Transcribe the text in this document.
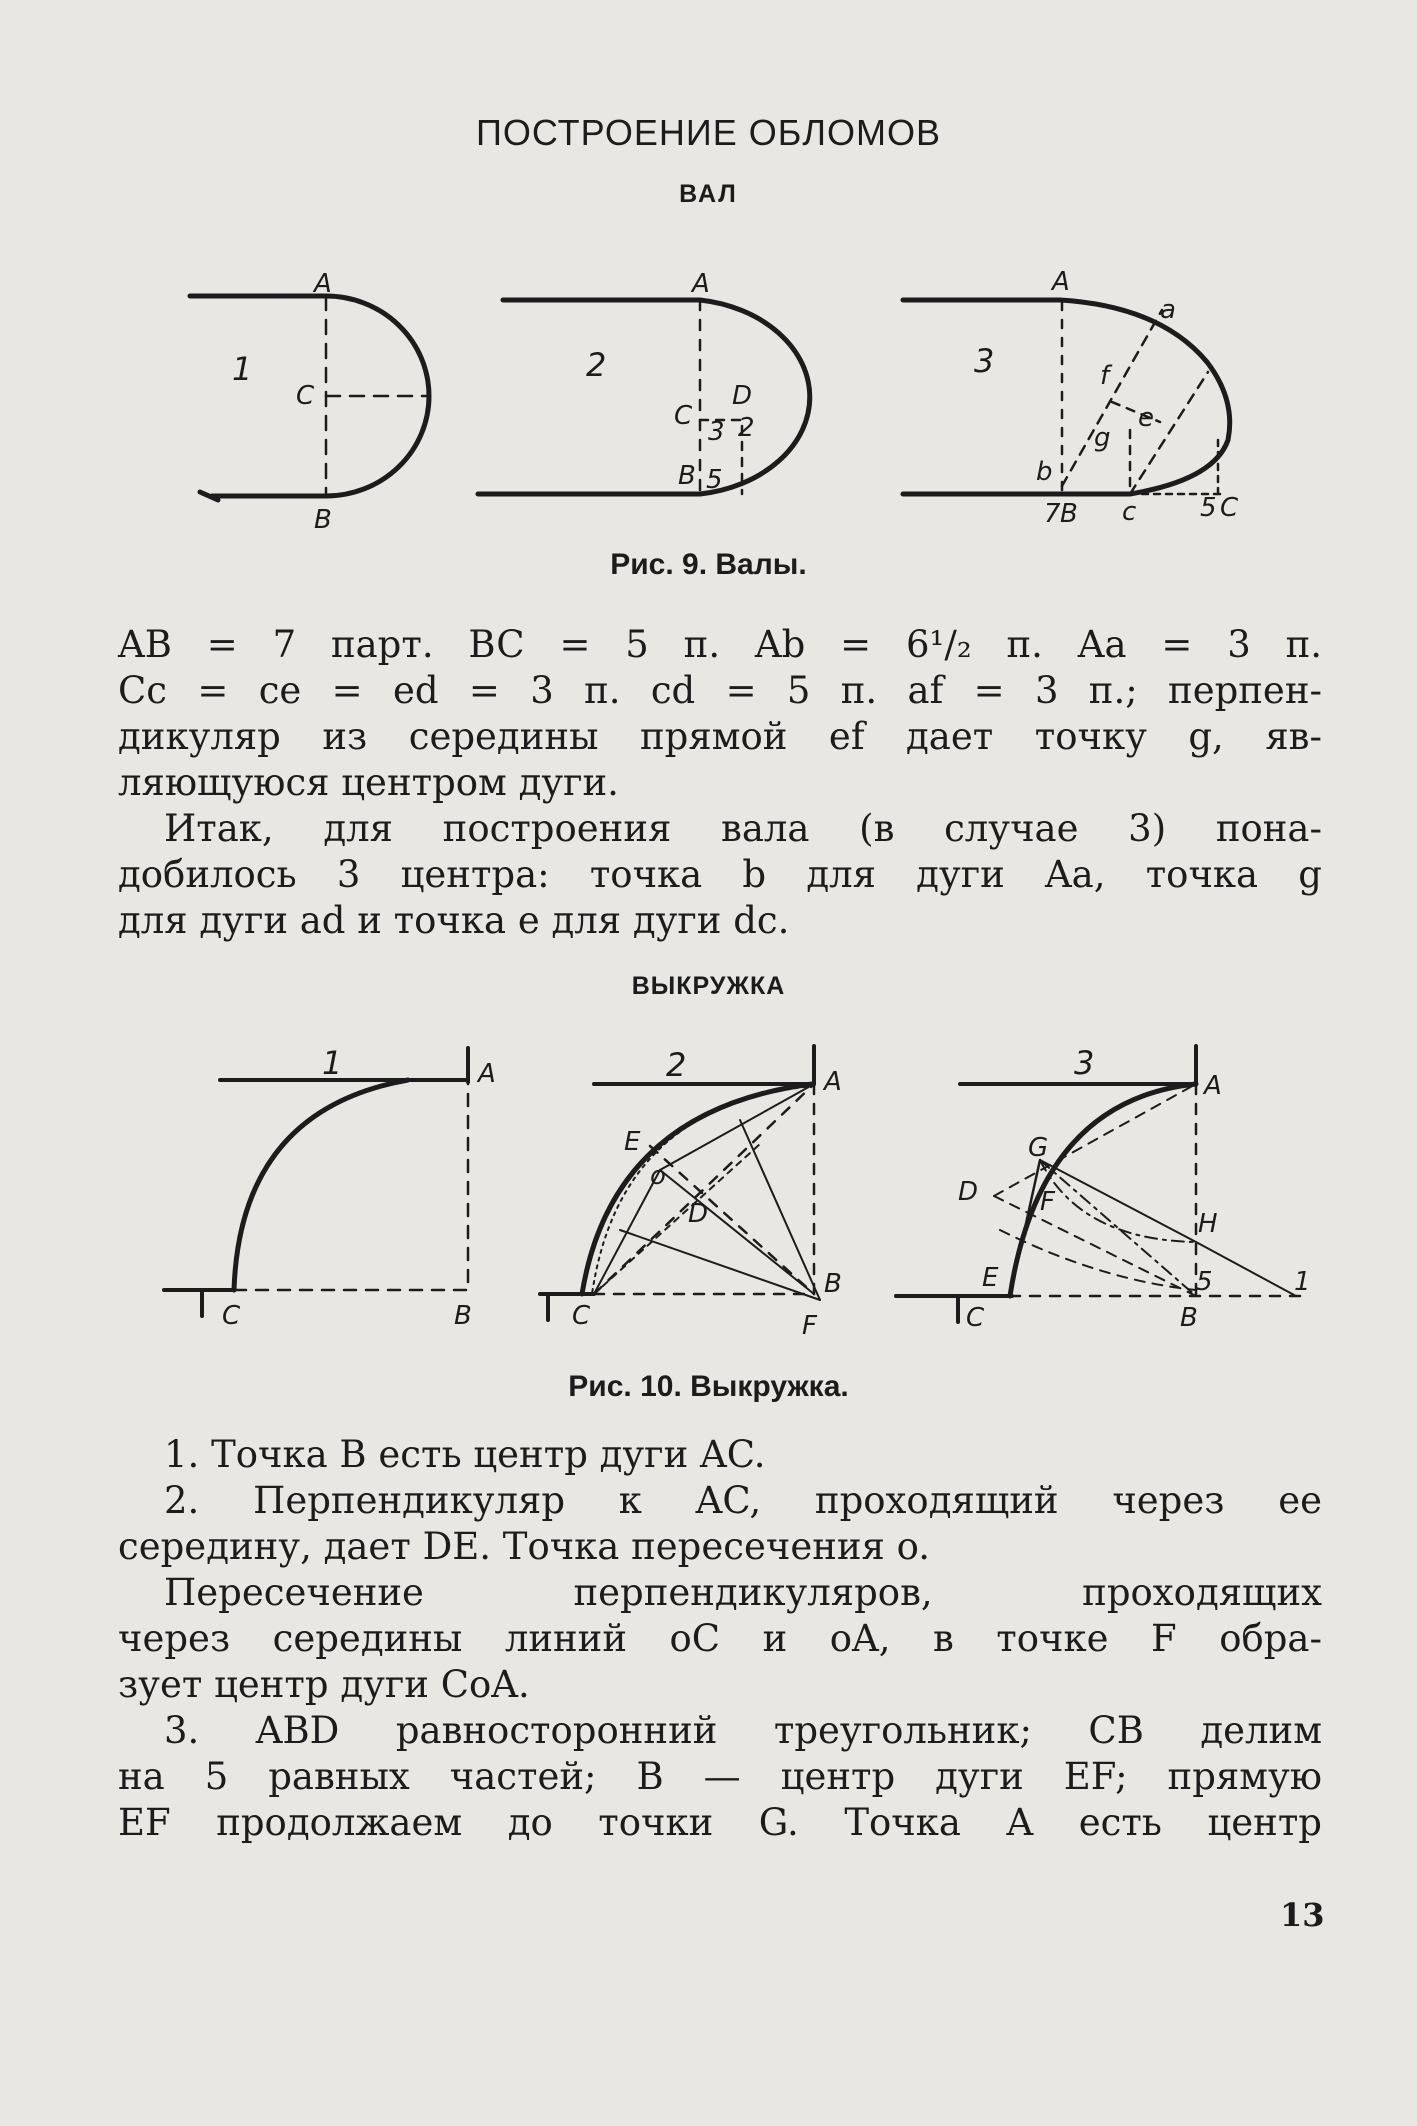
ПОСТРОЕНИЕ ОБЛОМОВ
ВАЛ
1
A
C
B
2
A
C
D
B
3 2
5
3
A
a
f
e
g
b
B c	C
7	5
Рис. 9. Валы.
AB = 7 парт. BC = 5 п. Ab = 6¹/₂ п. Aa = 3 п.
Cc = ce = ed = 3 п. cd = 5 п. af = 3 п.; перпен-
дикуляр из середины прямой ef дает точку g, яв-
ляющуюся центром дуги.
Итак, для построения вала (в случае 3) пона-
добилось 3 центра: точка b для дуги Aa, точка g
для дуги ad и точка e для дуги dc.
ВЫКРУЖКА
1	A
C	B
2	A
E
o
D
B
C	F
3
A
G
D F
H
E
B
C
1
5
Рис. 10. Выкружка.
1. Точка B есть центр дуги AC.
2. Перпендикуляр к AC, проходящий через ее
середину, дает DE. Точка пересечения o.
Пересечение перпендикуляров, проходящих
через середины линий oC и oA, в точке F обра-
зует центр дуги CoA.
3. ABD равносторонний треугольник; CB делим
на 5 равных частей; B — центр дуги EF; прямую
EF продолжаем до точки G. Точка A есть центр
13
